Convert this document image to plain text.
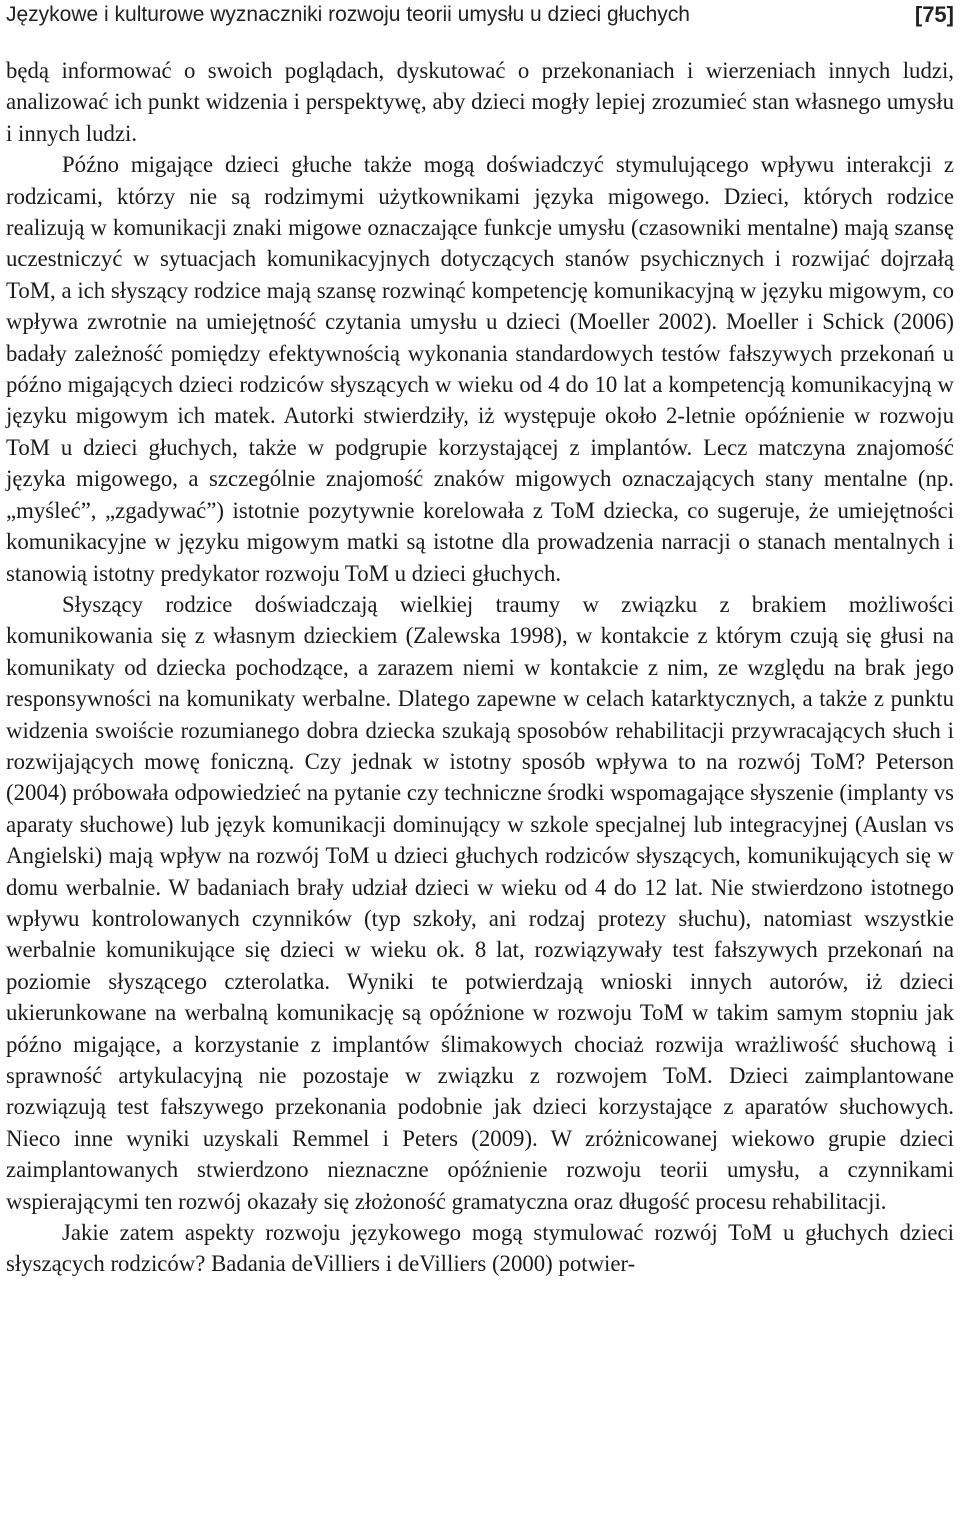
Językowe i kulturowe wyznaczniki rozwoju teorii umysłu u dzieci głuchych	[75]

będą informować o swoich poglądach, dyskutować o przekonaniach i wierzeniach innych ludzi, analizować ich punkt widzenia i perspektywę, aby dzieci mogły lepiej zrozumieć stan własnego umysłu i innych ludzi.

Późno migające dzieci głuche także mogą doświadczyć stymulującego wpływu interakcji z rodzicami, którzy nie są rodzimymi użytkownikami języka migowego. Dzieci, których rodzice realizują w komunikacji znaki migowe oznaczające funkcje umysłu (czasowniki mentalne) mają szansę uczestniczyć w sytuacjach komunikacyjnych dotyczących stanów psychicznych i rozwijać dojrzałą ToM, a ich słyszący rodzice mają szansę rozwinąć kompetencję komunikacyjną w języku migowym, co wpływa zwrotnie na umiejętność czytania umysłu u dzieci (Moeller 2002). Moeller i Schick (2006) badały zależność pomiędzy efektywnością wykonania standardowych testów fałszywych przekonań u późno migających dzieci rodziców słyszących w wieku od 4 do 10 lat a kompetencją komunikacyjną w języku migowym ich matek. Autorki stwierdziły, iż występuje około 2-letnie opóźnienie w rozwoju ToM u dzieci głuchych, także w podgrupie korzystającej z implantów. Lecz matczyna znajomość języka migowego, a szczególnie znajomość znaków migowych oznaczających stany mentalne (np. „myśleć”, „zgadywać”) istotnie pozytywnie korelowała z ToM dziecka, co sugeruje, że umiejętności komunikacyjne w języku migowym matki są istotne dla prowadzenia narracji o stanach mentalnych i stanowią istotny predykator rozwoju ToM u dzieci głuchych.

Słyszący rodzice doświadczają wielkiej traumy w związku z brakiem możliwości komunikowania się z własnym dzieckiem (Zalewska 1998), w kontakcie z którym czują się głusi na komunikaty od dziecka pochodzące, a zarazem niemi w kontakcie z nim, ze względu na brak jego responsywności na komunikaty werbalne. Dlatego zapewne w celach katarktycznych, a także z punktu widzenia swoiście rozumianego dobra dziecka szukają sposobów rehabilitacji przywracających słuch i rozwijających mowę foniczną. Czy jednak w istotny sposób wpływa to na rozwój ToM? Peterson (2004) próbowała odpowiedzieć na pytanie czy techniczne środki wspomagające słyszenie (implanty vs aparaty słuchowe) lub język komunikacji dominujący w szkole specjalnej lub integracyjnej (Auslan vs Angielski) mają wpływ na rozwój ToM u dzieci głuchych rodziców słyszących, komunikujących się w domu werbalnie. W badaniach brały udział dzieci w wieku od 4 do 12 lat. Nie stwierdzono istotnego wpływu kontrolowanych czynników (typ szkoły, ani rodzaj protezy słuchu), natomiast wszystkie werbalnie komunikujące się dzieci w wieku ok. 8 lat, rozwiązywały test fałszywych przekonań na poziomie słyszącego czterolatka. Wyniki te potwierdzają wnioski innych autorów, iż dzieci ukierunkowane na werbalną komunikację są opóźnione w rozwoju ToM w takim samym stopniu jak późno migające, a korzystanie z implantów ślimakowych chociaż rozwija wrażliwość słuchową i sprawność artykulacyjną nie pozostaje w związku z rozwojem ToM. Dzieci zaimplantowane rozwiązują test fałszywego przekonania podobnie jak dzieci korzystające z aparatów słuchowych. Nieco inne wyniki uzyskali Remmel i Peters (2009). W zróżnicowanej wiekowo grupie dzieci zaimplantowanych stwierdzono nieznaczne opóźnienie rozwoju teorii umysłu, a czynnikami wspierającymi ten rozwój okazały się złożoność gramatyczna oraz długość procesu rehabilitacji.

Jakie zatem aspekty rozwoju językowego mogą stymulować rozwój ToM u głuchych dzieci słyszących rodziców? Badania deVilliers i deVilliers (2000) potwier-
